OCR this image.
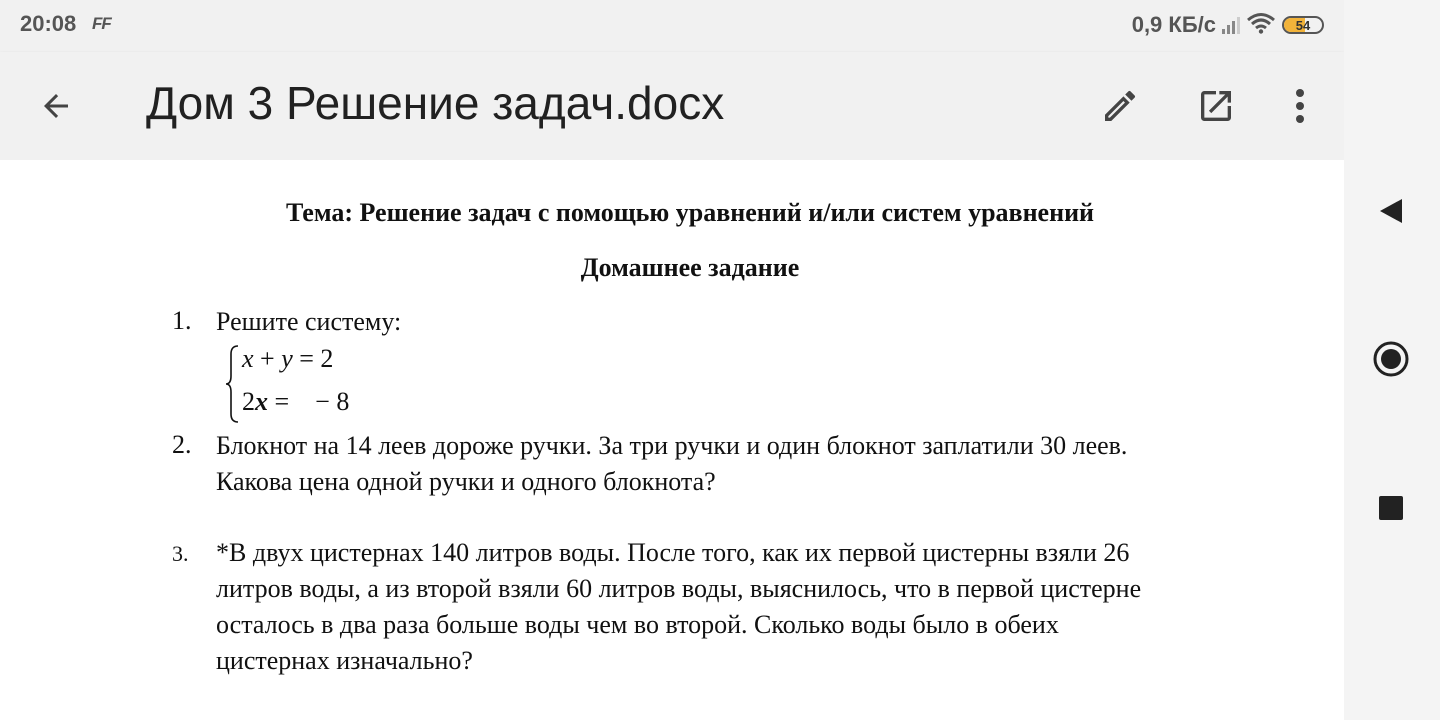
20:08 FF	0,9 КБ/с	54
Дом 3 Решение задач.docx
Тема: Решение задач с помощью уравнений и/или систем уравнений
Домашнее задание
1. Решите систему:
x + y = 2
2x =    − 8
2. Блокнот на 14 леев дороже ручки. За три ручки и один блокнот заплатили 30 леев.
Какова цена одной ручки и одного блокнота?
3. *В двух цистернах 140 литров воды. После того, как их первой цистерны взяли 26
литров воды, а из второй взяли 60 литров воды, выяснилось, что в первой цистерне
осталось в два раза больше воды чем во второй. Сколько воды было в обеих
цистернах изначально?
